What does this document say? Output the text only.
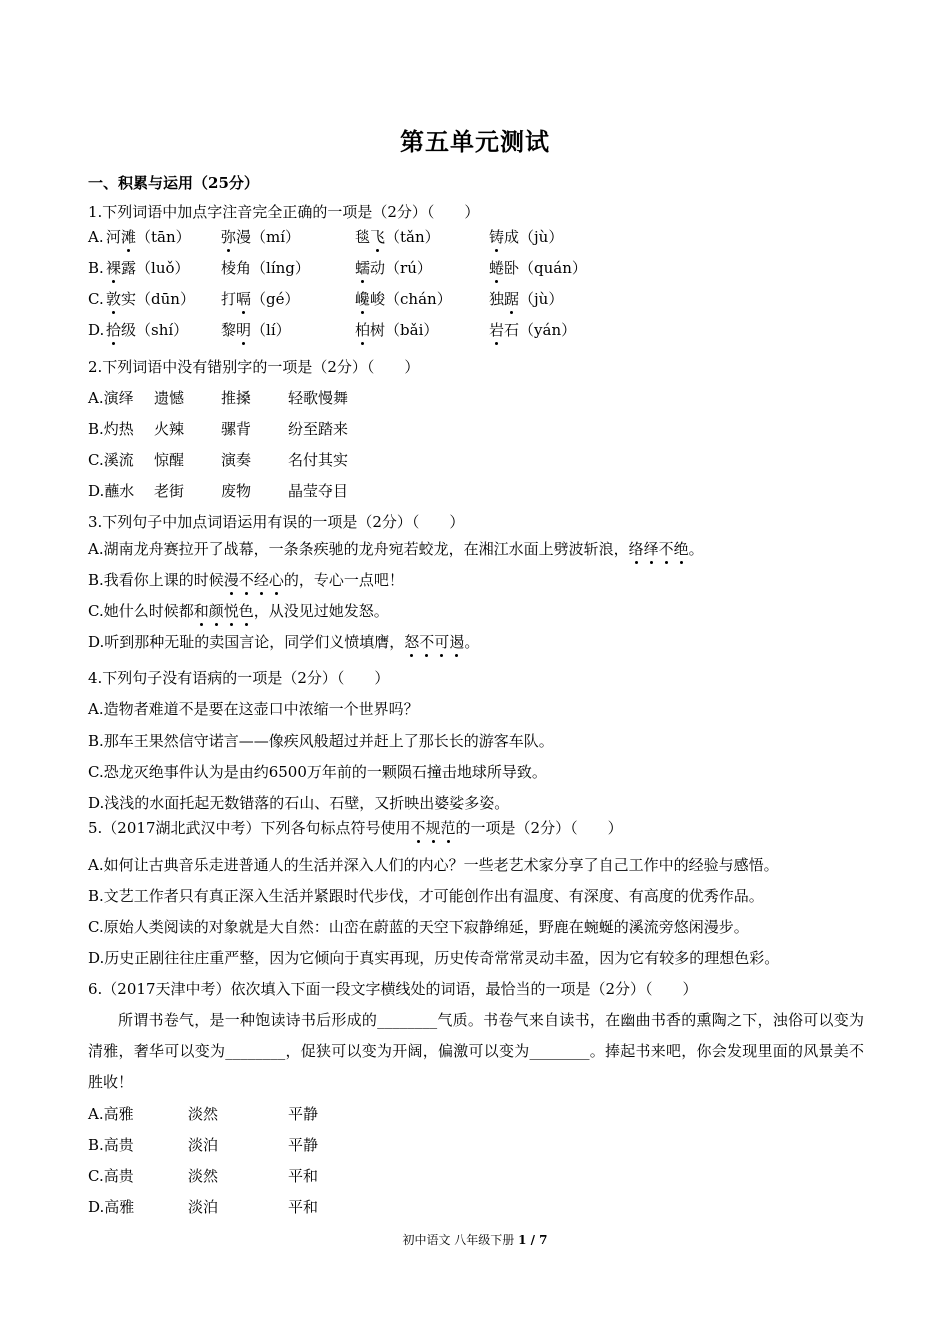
第五单元测试
一、积累与运用（25分）
1.下列词语中加点字注音完全正确的一项是（2分）（　　）
A. 河滩（tān） 弥漫（mí）	毯飞（tǎn）	铸成（jù）
B. 裸露（luǒ） 棱角（líng）	蠕动（rú）	蜷卧（quán）
C. 敦实（dūn） 打嗝（gé）	巉峻（chán） 独踞（jù）
D. 拾级（shí） 黎明（lí）	柏树（bǎi）	岩石（yán）
2.下列词语中没有错别字的一项是（2分）（　　）
A.演绎 遗憾 推搡 轻歌慢舞
B.灼热 火辣 骡背 纷至踏来
C.溪流 惊醒 演奏 名付其实
D.蘸水 老街 废物 晶莹夺目
3.下列句子中加点词语运用有误的一项是（2分）（　　）
A.湖南龙舟赛拉开了战幕，一条条疾驰的龙舟宛若蛟龙，在湘江水面上劈波斩浪，络绎不绝。
B.我看你上课的时候漫不经心的，专心一点吧！
C.她什么时候都和颜悦色，从没见过她发怒。
D.听到那种无耻的卖国言论，同学们义愤填膺，怒不可遏。
4.下列句子没有语病的一项是（2分）（　　）
A.造物者难道不是要在这壶口中浓缩一个世界吗？
B.那车王果然信守诺言——像疾风般超过并赶上了那长长的游客车队。
C.恐龙灭绝事件认为是由约6500万年前的一颗陨石撞击地球所导致。
D.浅浅的水面托起无数错落的石山、石壁，又折映出婆娑多姿。
5.（2017湖北武汉中考）下列各句标点符号使用不规范的一项是（2分）（　　）
A.如何让古典音乐走进普通人的生活并深入人们的内心？一些老艺术家分享了自己工作中的经验与感悟。
B.文艺工作者只有真正深入生活并紧跟时代步伐，才可能创作出有温度、有深度、有高度的优秀作品。
C.原始人类阅读的对象就是大自然：山峦在蔚蓝的天空下寂静绵延，野鹿在蜿蜒的溪流旁悠闲漫步。
D.历史正剧往往庄重严整，因为它倾向于真实再现，历史传奇常常灵动丰盈，因为它有较多的理想色彩。
6.（2017天津中考）依次填入下面一段文字横线处的词语，最恰当的一项是（2分）（　　）
所谓书卷气，是一种饱读诗书后形成的________气质。书卷气来自读书，在幽曲书香的熏陶之下，浊俗可以变为清雅，奢华可以变为________，促狭可以变为开阔，偏激可以变为________。捧起书来吧，你会发现里面的风景美不胜收！
A.高雅	淡然	平静
B.高贵	淡泊	平静
C.高贵	淡然	平和
D.高雅	淡泊	平和
初中语文 八年级下册 1 / 7
